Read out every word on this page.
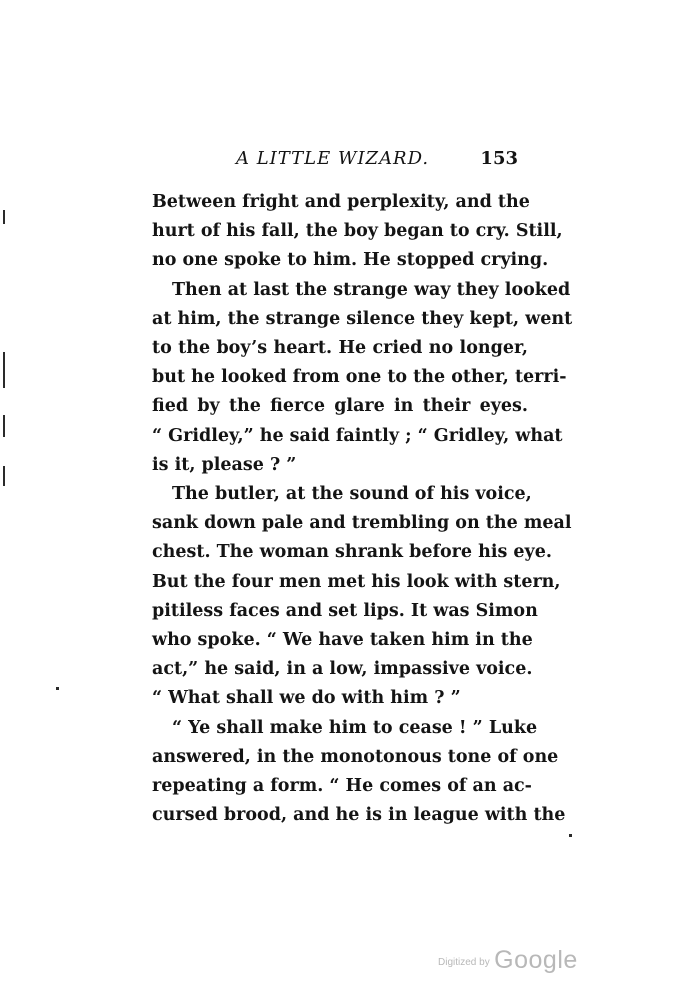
A LITTLE WIZARD.	153
Between fright and perplexity, and the
hurt of his fall, the boy began to cry. Still,
no one spoke to him. He stopped crying.
Then at last the strange way they looked
at him, the strange silence they kept, went
to the boy’s heart. He cried no longer,
but he looked from one to the other, terri-
fied by the fierce glare in their eyes.
“ Gridley,” he said faintly ; “ Gridley, what
is it, please ? ”
The butler, at the sound of his voice,
sank down pale and trembling on the meal
chest. The woman shrank before his eye.
But the four men met his look with stern,
pitiless faces and set lips. It was Simon
who spoke. “ We have taken him in the
act,” he said, in a low, impassive voice.
“ What shall we do with him ? ”
“ Ye shall make him to cease ! ” Luke
answered, in the monotonous tone of one
repeating a form. “ He comes of an ac-
cursed brood, and he is in league with the
Digitized by Google
